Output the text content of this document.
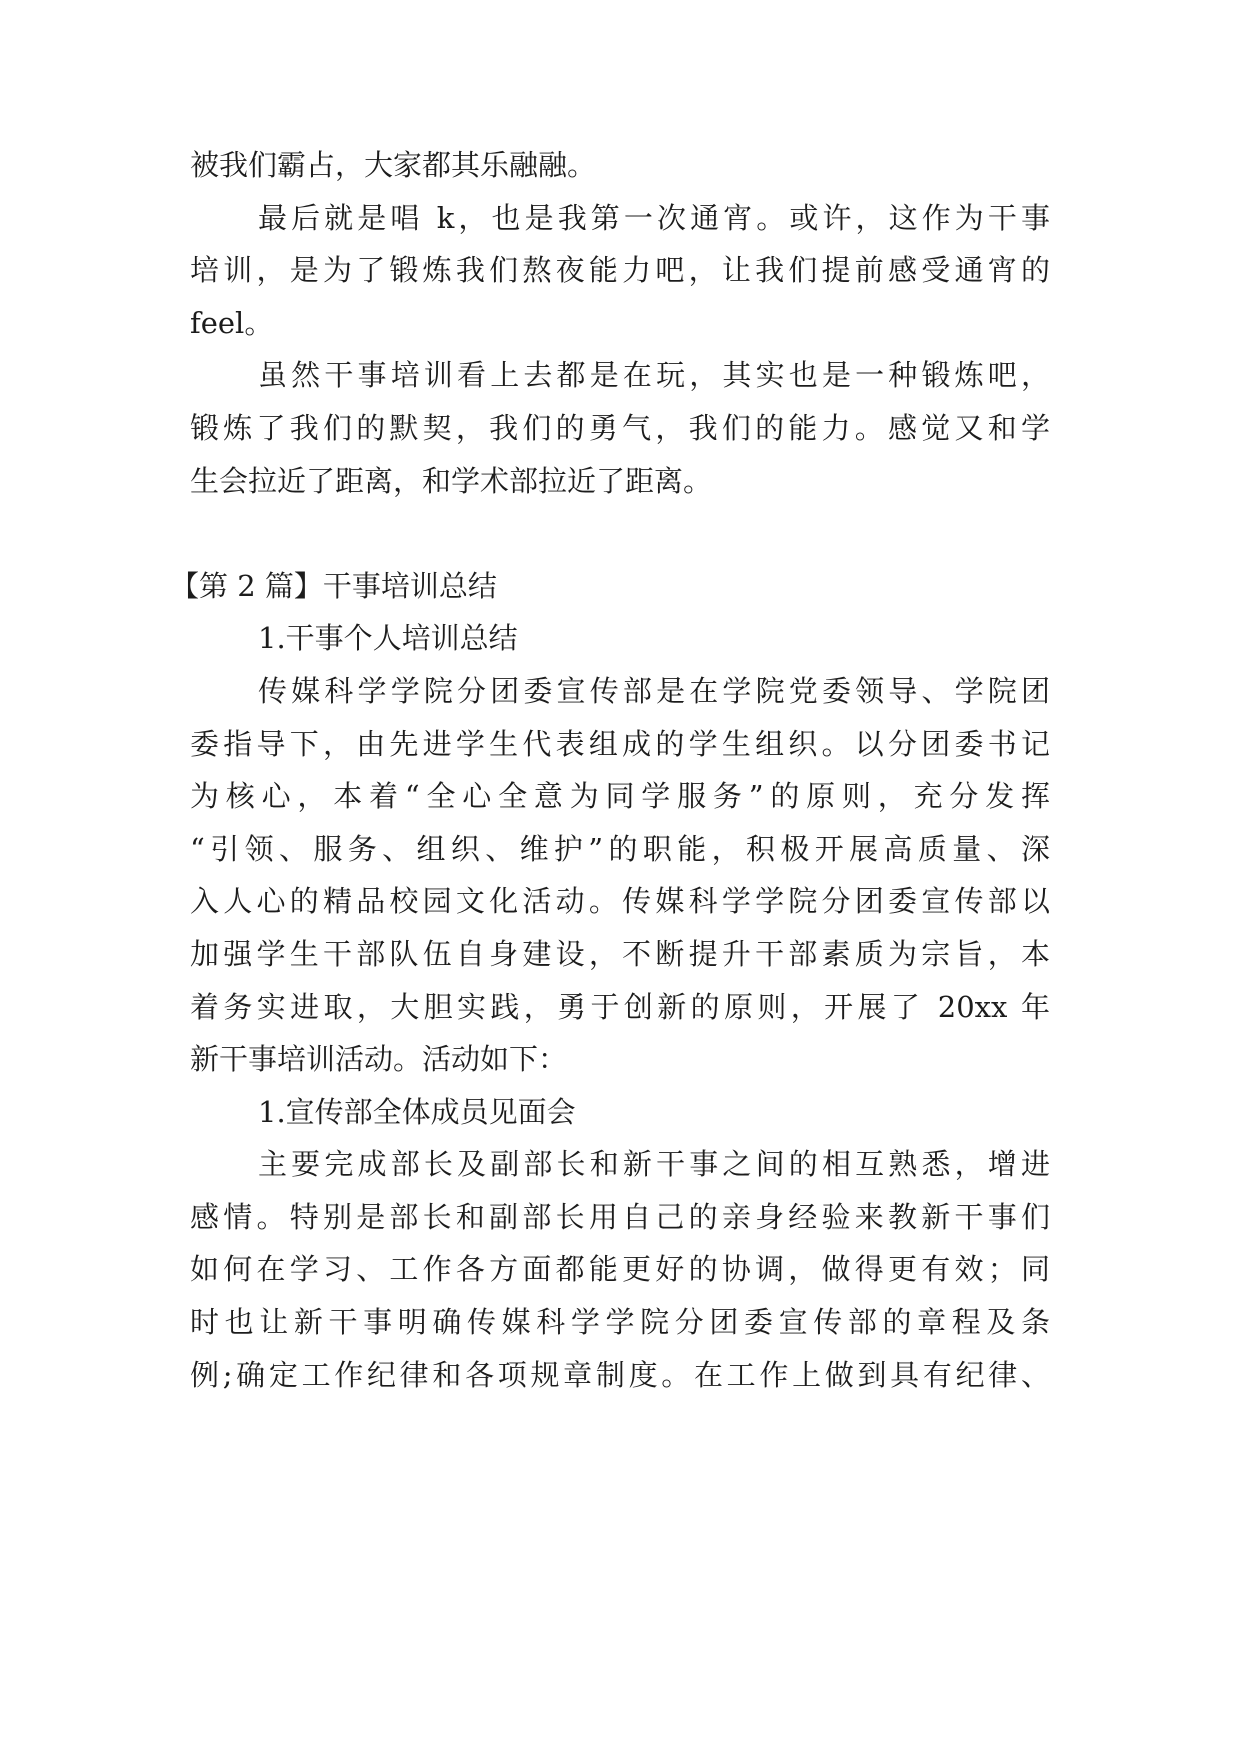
被我们霸占，大家都其乐融融。
最后就是唱 k，也是我第一次通宵。或许，这作为干事
培训，是为了锻炼我们熬夜能力吧，让我们提前感受通宵的
feel。
虽然干事培训看上去都是在玩，其实也是一种锻炼吧，
锻炼了我们的默契，我们的勇气，我们的能力。感觉又和学
生会拉近了距离，和学术部拉近了距离。
【第 2 篇】干事培训总结
1.干事个人培训总结
传媒科学学院分团委宣传部是在学院党委领导、学院团
委指导下，由先进学生代表组成的学生组织。以分团委书记
为核心，本着“全心全意为同学服务”的原则，充分发挥
“引领、服务、组织、维护”的职能，积极开展高质量、深
入人心的精品校园文化活动。传媒科学学院分团委宣传部以
加强学生干部队伍自身建设，不断提升干部素质为宗旨，本
着务实进取，大胆实践，勇于创新的原则，开展了 20xx 年
新干事培训活动。活动如下：
1.宣传部全体成员见面会
主要完成部长及副部长和新干事之间的相互熟悉，增进
感情。特别是部长和副部长用自己的亲身经验来教新干事们
如何在学习、工作各方面都能更好的协调，做得更有效；同
时也让新干事明确传媒科学学院分团委宣传部的章程及条
例;确定工作纪律和各项规章制度。在工作上做到具有纪律、
